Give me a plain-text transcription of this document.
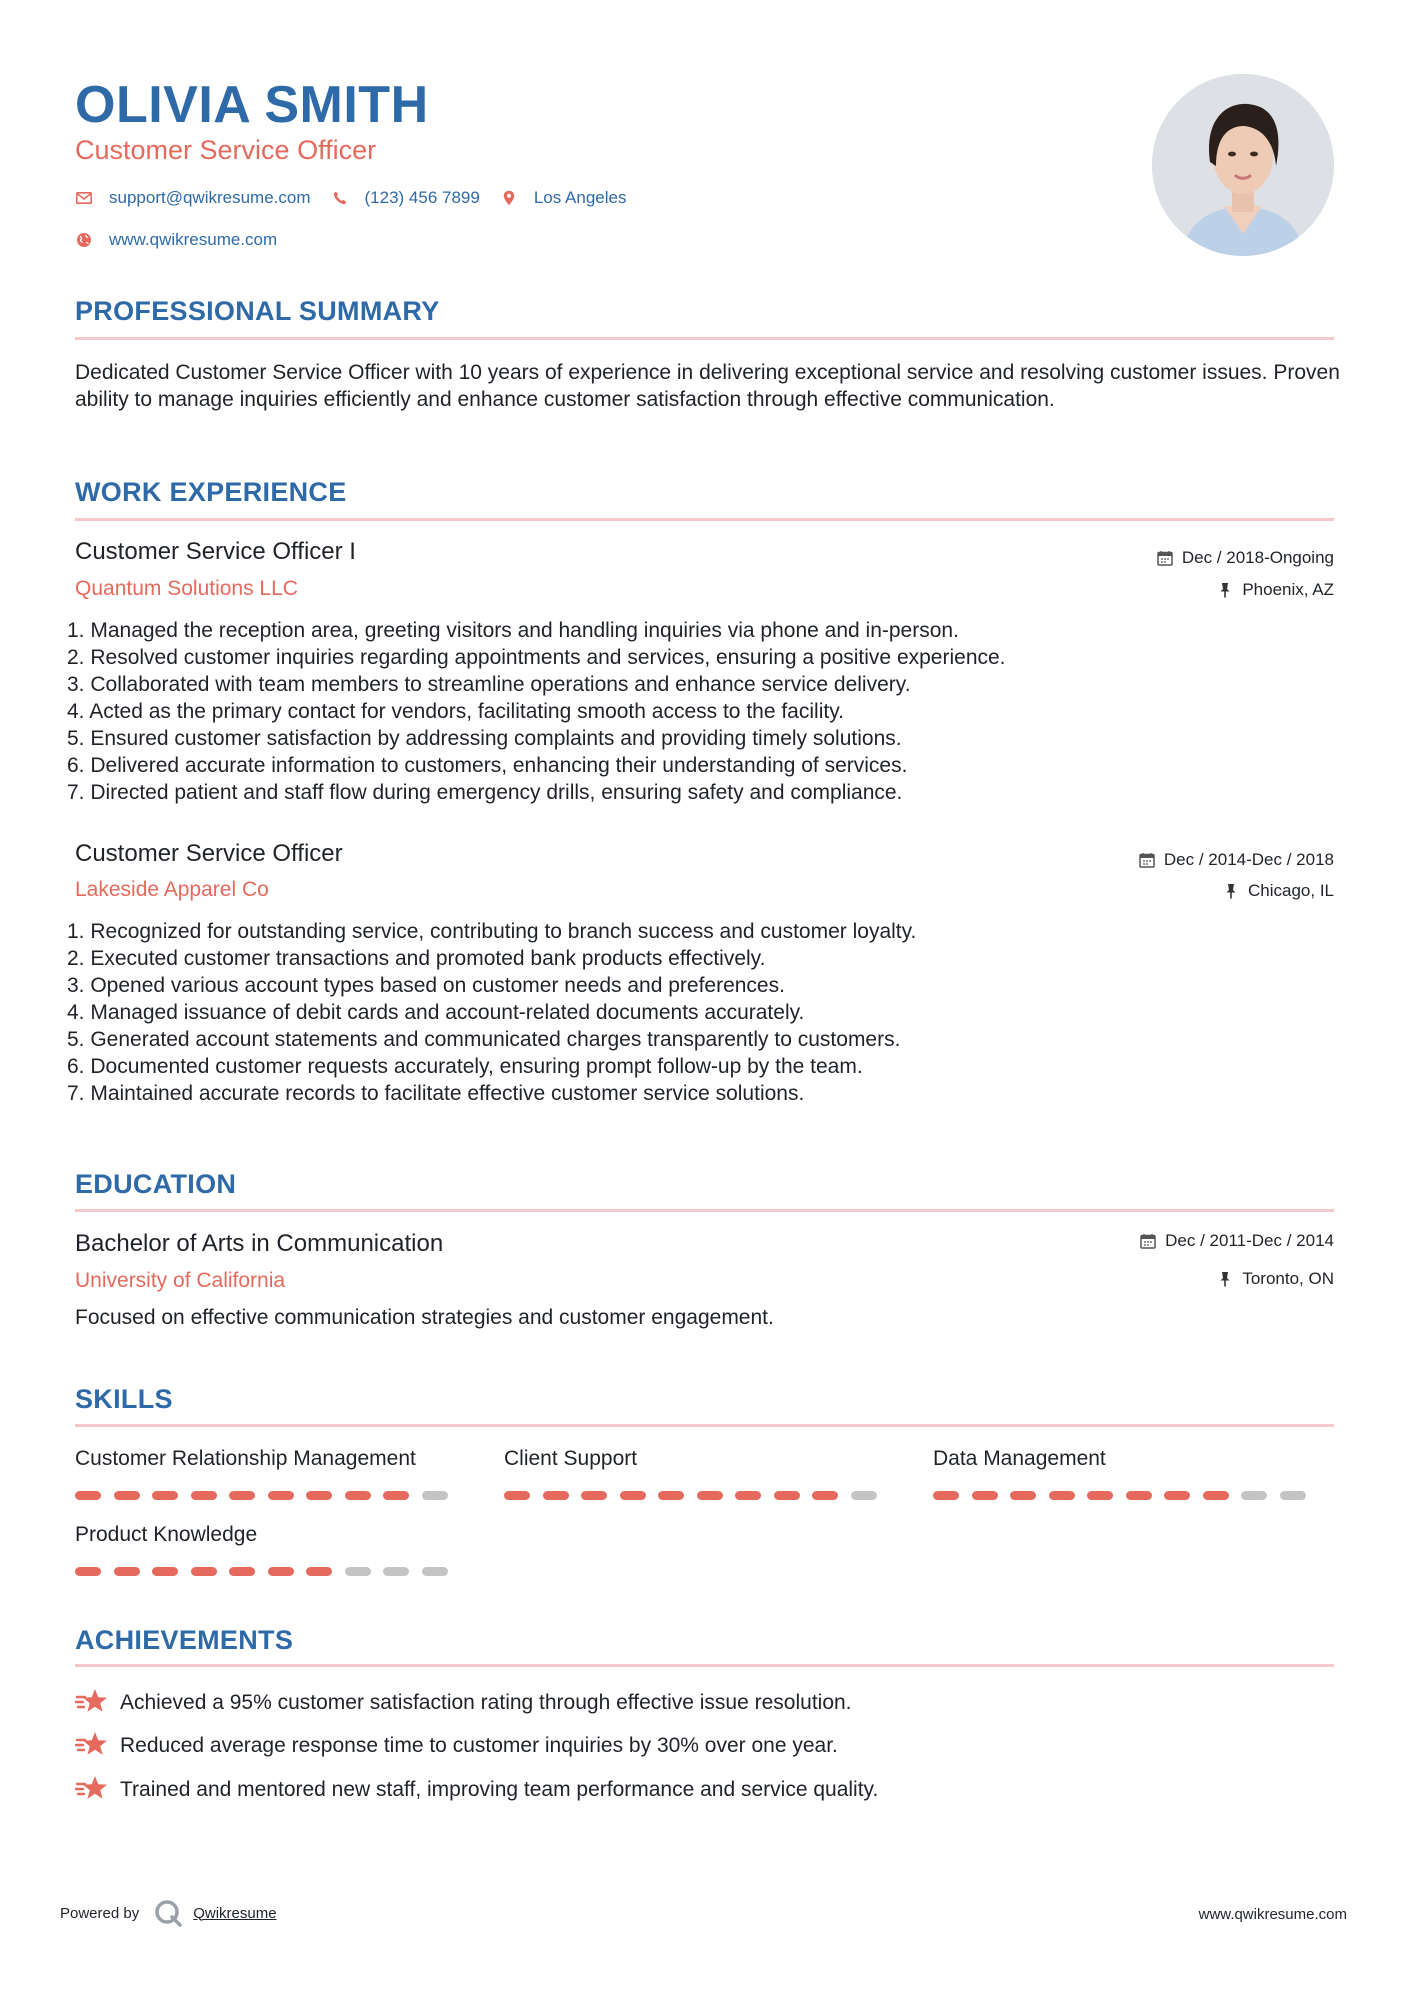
OLIVIA SMITH
Customer Service Officer
support@qwikresume.com	(123) 456 7899	Los Angeles
www.qwikresume.com
PROFESSIONAL SUMMARY

Dedicated Customer Service Officer with 10 years of experience in delivering exceptional service and resolving customer issues. Proven ability to manage inquiries efficiently and enhance customer satisfaction through effective communication.

WORK EXPERIENCE
Customer Service Officer I
Quantum Solutions LLC
Dec / 2018-Ongoing
Phoenix, AZ
1. Managed the reception area, greeting visitors and handling inquiries via phone and in-person.
2. Resolved customer inquiries regarding appointments and services, ensuring a positive experience.
3. Collaborated with team members to streamline operations and enhance service delivery.
4. Acted as the primary contact for vendors, facilitating smooth access to the facility.
5. Ensured customer satisfaction by addressing complaints and providing timely solutions.
6. Delivered accurate information to customers, enhancing their understanding of services.
7. Directed patient and staff flow during emergency drills, ensuring safety and compliance.
Customer Service Officer
Lakeside Apparel Co
Dec / 2014-Dec / 2018
Chicago, IL
1. Recognized for outstanding service, contributing to branch success and customer loyalty.
2. Executed customer transactions and promoted bank products effectively.
3. Opened various account types based on customer needs and preferences.
4. Managed issuance of debit cards and account-related documents accurately.
5. Generated account statements and communicated charges transparently to customers.
6. Documented customer requests accurately, ensuring prompt follow-up by the team.
7. Maintained accurate records to facilitate effective customer service solutions.
EDUCATION
Bachelor of Arts in Communication
University of California
Dec / 2011-Dec / 2014
Toronto, ON

Focused on effective communication strategies and customer engagement.

SKILLS
Customer Relationship Management	Client Support	Data Management
Product Knowledge
ACHIEVEMENTS
Achieved a 95% customer satisfaction rating through effective issue resolution.
Reduced average response time to customer inquiries by 30% over one year.
Trained and mentored new staff, improving team performance and service quality.
Powered by	Qwikresume	www.qwikresume.com
